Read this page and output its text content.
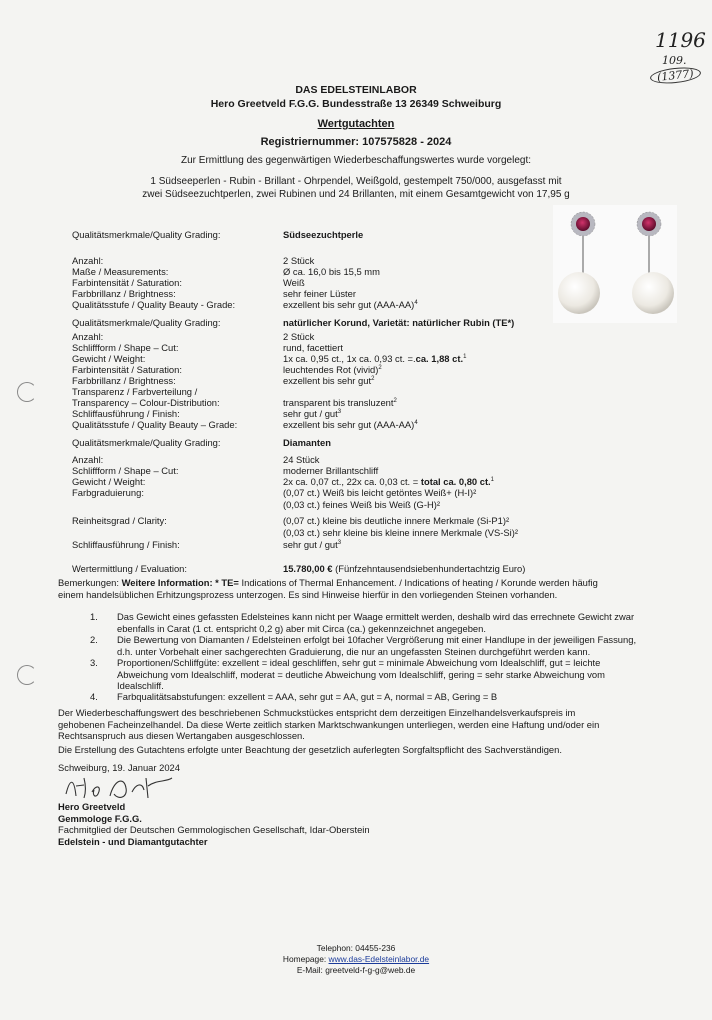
1196
109.
(1377)
DAS EDELSTEINLABOR
Hero Greetveld F.G.G. Bundesstraße 13 26349 Schweiburg
Wertgutachten
Registriernummer: 107575828 - 2024
Zur Ermittlung des gegenwärtigen Wiederbeschaffungswertes wurde vorgelegt:
1 Südseeperlen - Rubin - Brillant - Ohrpendel, Weißgold, gestempelt 750/000, ausgefasst mit
zwei Südseezuchtperlen, zwei Rubinen und 24 Brillanten, mit einem Gesamtgewicht von 17,95 g
Qualitätsmerkmale/Quality Grading:	Südseezuchtperle
Anzahl:	2 Stück
Maße / Measurements:	Ø ca. 16,0 bis 15,5 mm
Farbintensität / Saturation:	Weiß
Farbbrillanz / Brightness:	sehr feiner Lüster
Qualitätsstufe / Quality Beauty - Grade:	exzellent bis sehr gut $(AAA-AA)^4$
Qualitätsmerkmale/Quality Grading:	natürlicher Korund, Varietät: natürlicher Rubin (TE*)
Anzahl:	2 Stück
Schliffform / Shape – Cut:	rund, facettiert
Gewicht / Weight:	1x ca. 0,95 ct., 1x ca. 0,93 ct. =.ca. 1,88 ct.$^1$
Farbintensität / Saturation:	leuchtendes Rot (vivid)$^2$
Farbbrillanz / Brightness:	exzellent bis sehr gut$^2$
Transparenz / Farbverteilung /
Transparency – Colour-Distribution:	transparent bis transluzent$^2$
Schliffausführung / Finish:	sehr gut / gut$^3$
Qualitätsstufe / Quality Beauty – Grade:	exzellent bis sehr gut $(AAA-AA)^4$
Qualitätsmerkmale/Quality Grading:	Diamanten
Anzahl:	24 Stück
Schliffform / Shape – Cut:	moderner Brillantschliff
Gewicht / Weight:	2x ca. 0,07 ct., 22x ca. 0,03 ct. = total ca. 0,80 ct.$^1$
Farbgraduierung:	(0,07 ct.) Weiß bis leicht getöntes Weiß+ (H-I)²
(0,03 ct.) feines Weiß bis Weiß (G-H)²
Reinheitsgrad / Clarity:	(0,07 ct.) kleine bis deutliche innere Merkmale (Si-P1)²
(0,03 ct.) sehr kleine bis kleine innere Merkmale (VS-Si)²
Schliffausführung / Finish:	sehr gut / gut$^3$
Wertermittlung / Evaluation:	15.780,00 € (Fünfzehntausendsiebenhundertachtzig Euro)
Bemerkungen: Weitere Information: * TE= Indications of Thermal Enhancement. / Indications of heating / Korunde werden häufig
einem handelsüblichen Erhitzungsprozess unterzogen. Es sind Hinweise hierfür in den vorliegenden Steinen vorhanden.
1. Das Gewicht eines gefassten Edelsteines kann nicht per Waage ermittelt werden, deshalb wird das errechnete Gewicht zwar
ebenfalls in Carat (1 ct. entspricht 0,2 g) aber mit Circa (ca.) gekennzeichnet angegeben.
2. Die Bewertung von Diamanten / Edelsteinen erfolgt bei 10facher Vergrößerung mit einer Handlupe in der jeweiligen Fassung,
d.h. unter Vorbehalt einer sachgerechten Graduierung, die nur an ungefassten Steinen durchgeführt werden kann.
3. Proportionen/Schliffgüte: exzellent = ideal geschliffen, sehr gut = minimale Abweichung vom Idealschliff, gut = leichte
Abweichung vom Idealschliff, moderat = deutliche Abweichung vom Idealschliff, gering = sehr starke Abweichung vom
Idealschliff.
4. Farbqualitätsabstufungen: exzellent = AAA, sehr gut = AA, gut = A, normal = AB, Gering = B
Der Wiederbeschaffungswert des beschriebenen Schmuckstückes entspricht dem derzeitigen Einzelhandelsverkaufspreis im
gehobenen Facheinzelhandel. Da diese Werte zeitlich starken Marktschwankungen unterliegen, werden eine Haftung und/oder ein
Rechtsanspruch aus diesen Wertangaben ausgeschlossen.
Die Erstellung des Gutachtens erfolgte unter Beachtung der gesetzlich auferlegten Sorgfaltspflicht des Sachverständigen.
Schweiburg, 19. Januar 2024
Hero Greetveld
Gemmologe F.G.G.
Fachmitglied der Deutschen Gemmologischen Gesellschaft, Idar-Oberstein
Edelstein - und Diamantgutachter
Telephon: 04455-236
Homepage: www.das-Edelsteinlabor.de
E-Mail: greetveld-f-g-g@web.de
